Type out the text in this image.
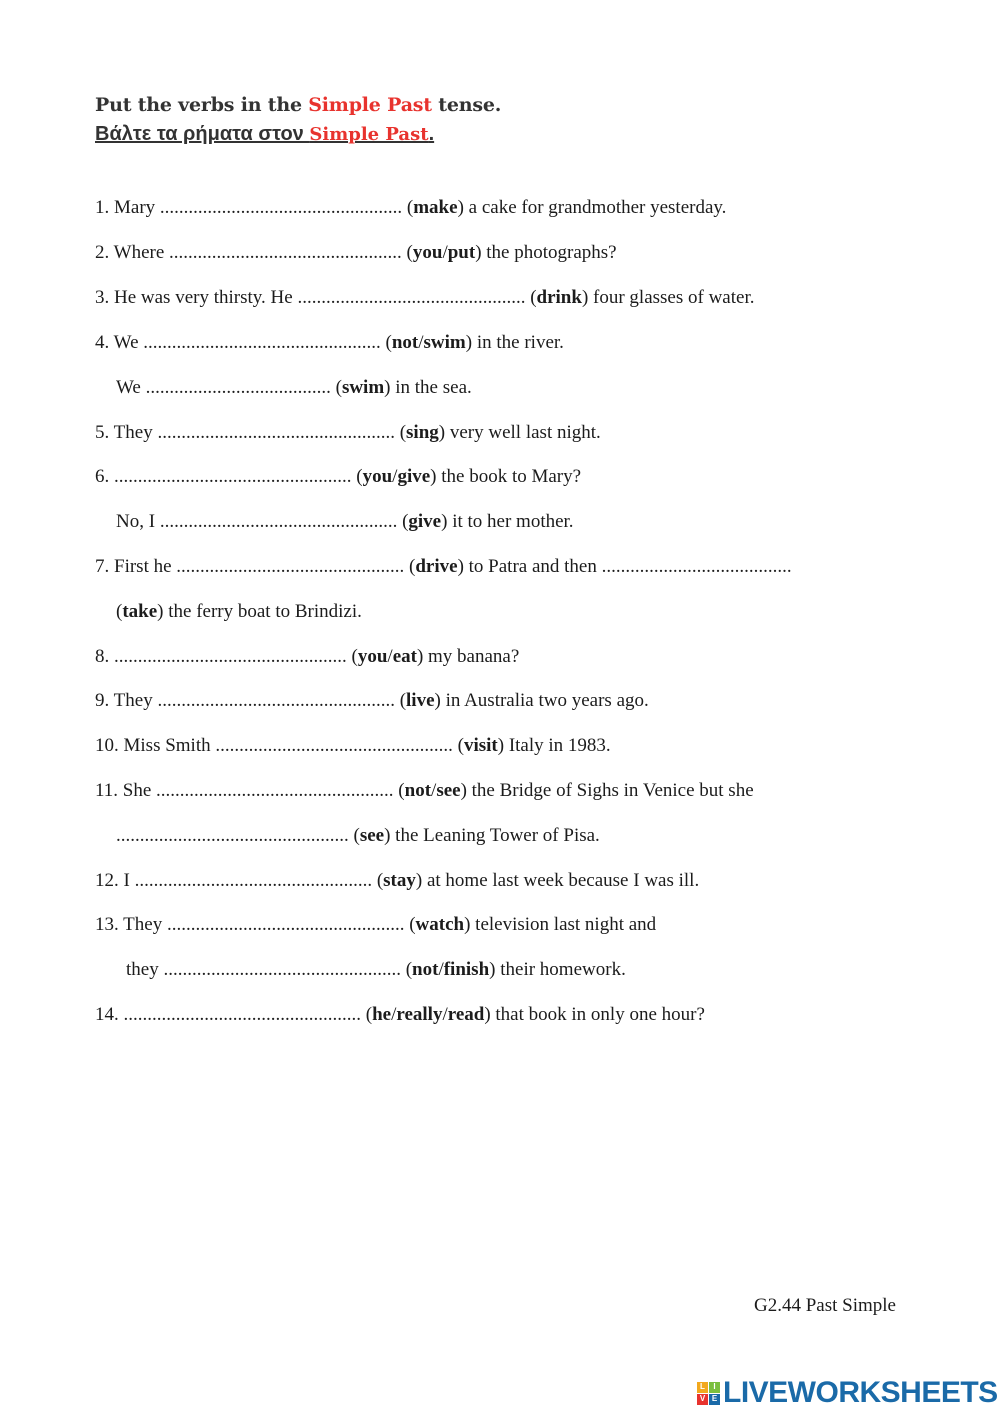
Put the verbs in the Simple Past tense.
Βάλτε τα ρήματα στον Simple Past.

1. Mary ................................................... (make) a cake for grandmother yesterday.

2. Where ................................................. (you/put) the photographs?

3. He was very thirsty. He ................................................ (drink) four glasses of water.

4. We .................................................. (not/swim) in the river.

We ....................................... (swim) in the sea.

5. They .................................................. (sing) very well last night.

6. .................................................. (you/give) the book to Mary?

No, I .................................................. (give) it to her mother.

7. First he ................................................ (drive) to Patra and then ........................................

(take) the ferry boat to Brindizi.

8. ................................................. (you/eat) my banana?

9. They .................................................. (live) in Australia two years ago.

10. Miss Smith .................................................. (visit) Italy in 1983.

11. She .................................................. (not/see) the Bridge of Sighs in Venice but she

................................................. (see) the Leaning Tower of Pisa.

12. I .................................................. (stay) at home last week because I was ill.

13. They .................................................. (watch) television last night and

they .................................................. (not/finish) their homework.

14. .................................................. (he/really/read) that book in only one hour?

G2.44 Past Simple
L	I
V E LIVEWORKSHEETS
